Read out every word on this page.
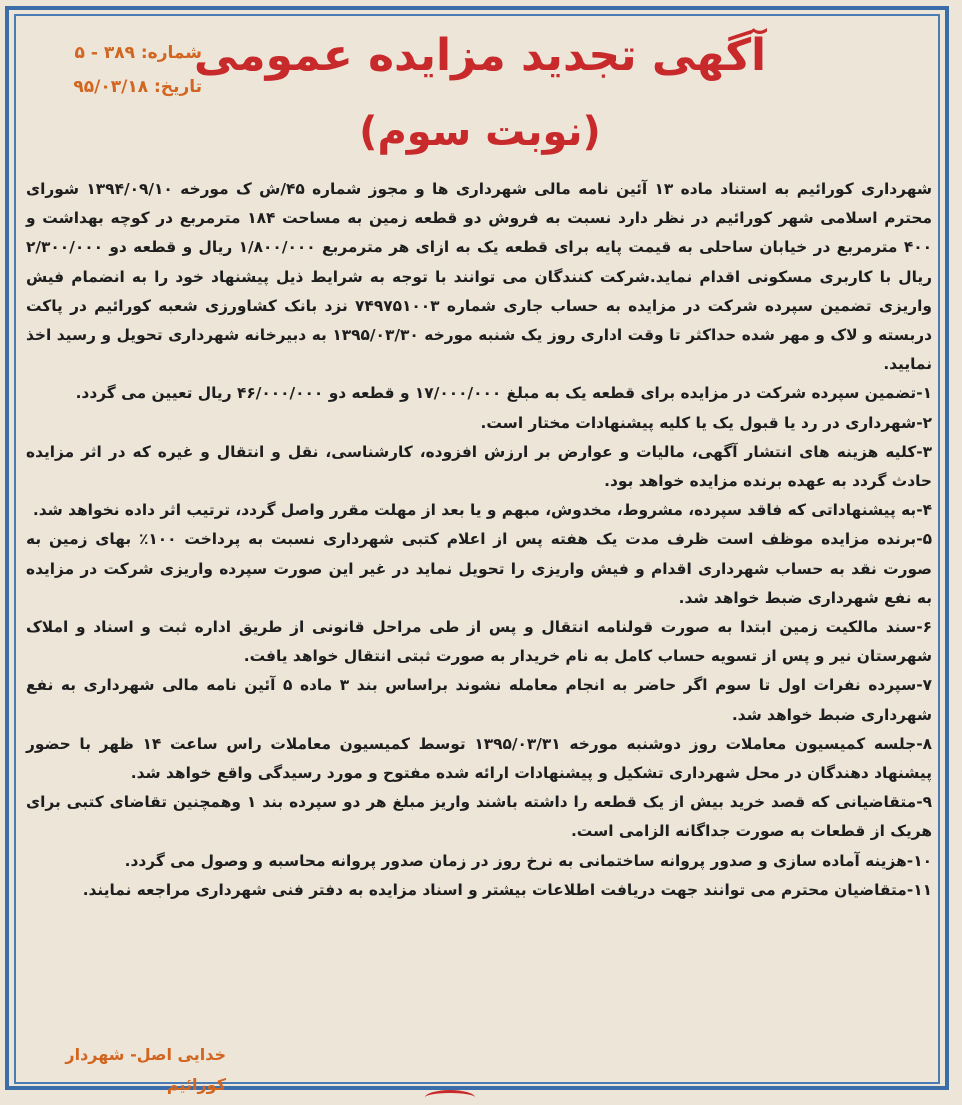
شماره: ۳۸۹ - ۵
تاریخ: ۹۵/۰۳/۱۸
آگهی تجدید مزایده عمومی
(نوبت سوم)

شهرداری کورائیم به استناد ماده ۱۳ آئین نامه مالی شهرداری ها و مجوز شماره ۴۵/ش ک مورخه ۱۳۹۴/۰۹/۱۰ شورای محترم اسلامی شهر کورائیم در نظر دارد نسبت به فروش دو قطعه زمین به مساحت ۱۸۴ مترمربع در کوچه بهداشت و ۴۰۰ مترمربع در خیابان ساحلی به قیمت پایه برای قطعه یک به ازای هر مترمربع ۱/۸۰۰/۰۰۰ ریال و قطعه دو ۲/۳۰۰/۰۰۰ ریال با کاربری مسکونی اقدام نماید.شرکت کنندگان می توانند با توجه به شرایط ذیل پیشنهاد خود را به انضمام فیش واریزی تضمین سپرده شرکت در مزایده به حساب جاری شماره ۷۴۹۷۵۱۰۰۳ نزد بانک کشاورزی شعبه کورائیم در پاکت دربسته و لاک و مهر شده حداکثر تا وقت اداری روز یک شنبه مورخه ۱۳۹۵/۰۳/۳۰ به دبیرخانه شهرداری تحویل و رسید اخذ نمایید.

۱-تضمین سپرده شرکت در مزایده برای قطعه یک به مبلغ ۱۷/۰۰۰/۰۰۰ و قطعه دو ۴۶/۰۰۰/۰۰۰ ریال تعیین می گردد.
۲-شهرداری در رد یا قبول یک یا کلیه پیشنهادات مختار است.
۳-کلیه هزینه های انتشار آگهی، مالیات و عوارض بر ارزش افزوده، کارشناسی، نقل و انتقال و غیره که در اثر مزایده حادث گردد به عهده برنده مزایده خواهد بود.
۴-به پیشنهاداتی که فاقد سپرده، مشروط، مخدوش، مبهم و یا بعد از مهلت مقرر واصل گردد، ترتیب اثر داده نخواهد شد.
۵-برنده مزایده موظف است ظرف مدت یک هفته پس از اعلام کتبی شهرداری نسبت به پرداخت ۱۰۰٪ بهای زمین به صورت نقد به حساب شهرداری اقدام و فیش واریزی را تحویل نماید در غیر این صورت سپرده واریزی شرکت در مزایده به نفع شهرداری ضبط خواهد شد.
۶-سند مالکیت زمین ابتدا به صورت قولنامه انتقال و پس از طی مراحل قانونی از طریق اداره ثبت و اسناد و املاک شهرستان نیر و پس از تسویه حساب کامل به نام خریدار به صورت ثبتی انتقال خواهد یافت.
۷-سپرده نفرات اول تا سوم اگر حاضر به انجام معامله نشوند براساس بند ۳ ماده ۵ آئین نامه مالی شهرداری به نفع شهرداری ضبط خواهد شد.
۸-جلسه کمیسیون معاملات روز دوشنبه مورخه ۱۳۹۵/۰۳/۳۱ توسط کمیسیون معاملات راس ساعت ۱۴ ظهر با حضور پیشنهاد دهندگان در محل شهرداری تشکیل و پیشنهادات ارائه شده مفتوح و مورد رسیدگی واقع خواهد شد.
۹-متقاضیانی که قصد خرید بیش از یک قطعه را داشته باشند واریز مبلغ هر دو سپرده بند ۱ وهمچنین تقاضای کتبی برای هریک از قطعات به صورت جداگانه الزامی است.
۱۰-هزینه آماده سازی و صدور پروانه ساختمانی به نرخ روز در زمان صدور پروانه محاسبه و وصول می گردد.
۱۱-متقاضیان محترم می توانند جهت دریافت اطلاعات بیشتر و اسناد مزایده به دفتر فنی شهرداری مراجعه نمایند.
خدایی اصل- شهردار کورائیم
